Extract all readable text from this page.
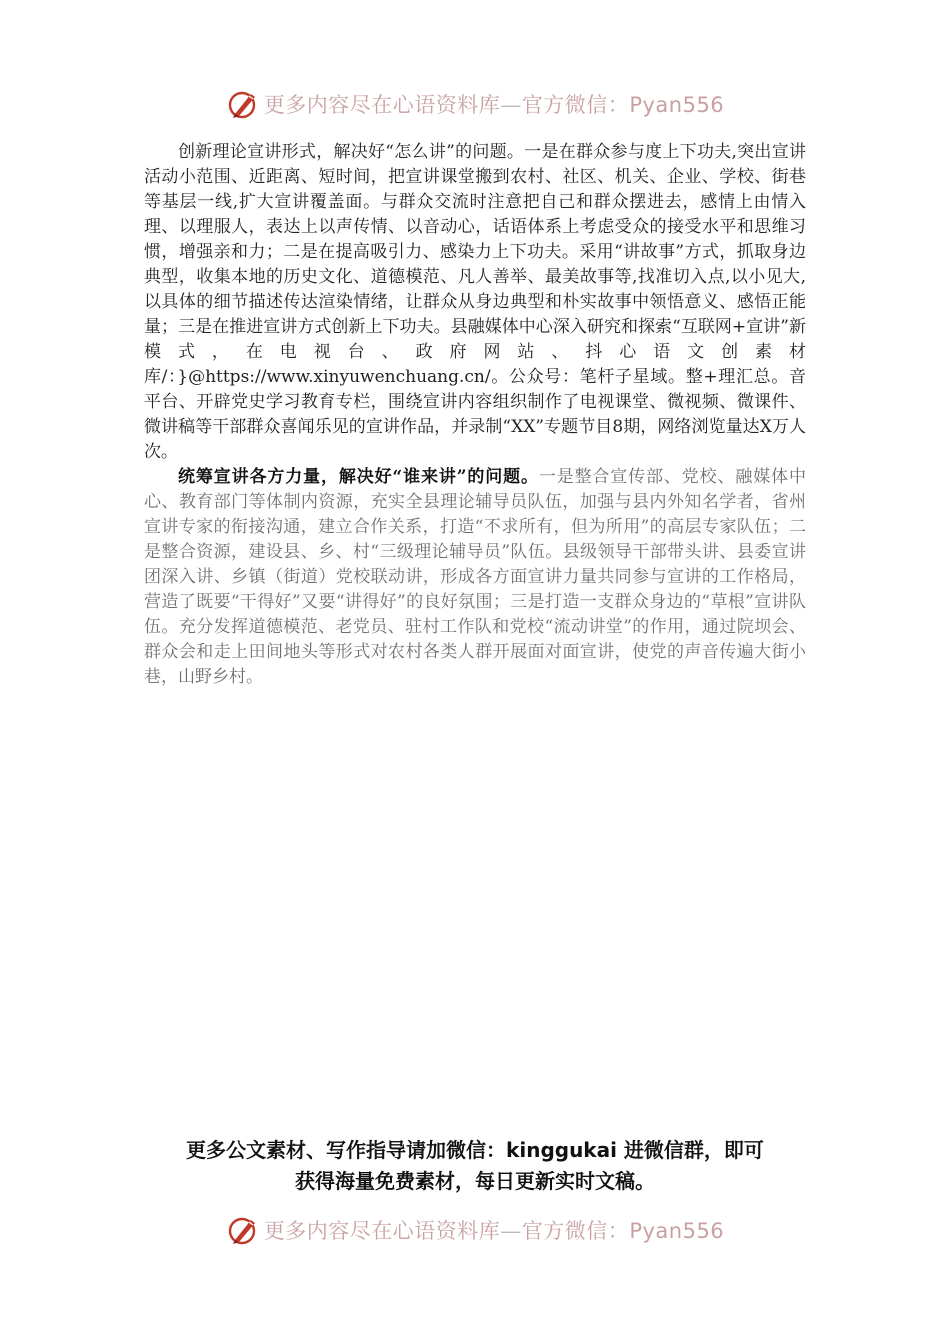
更多内容尽在心语资料库—官方微信：Pyan556

创新理论宣讲形式，解决好“怎么讲”的问题。一是在群众参与度上下功夫,突出宣讲活动小范围、近距离、短时间，把宣讲课堂搬到农村、社区、机关、企业、学校、街巷等基层一线,扩大宣讲覆盖面。与群众交流时注意把自己和群众摆进去，感情上由情入理、以理服人，表达上以声传情、以音动心，话语体系上考虑受众的接受水平和思维习惯，增强亲和力；二是在提高吸引力、感染力上下功夫。采用“讲故事”方式，抓取身边典型，收集本地的历史文化、道德模范、凡人善举、最美故事等,找准切入点,以小见大,以具体的细节描述传达渲染情绪，让群众从身边典型和朴实故事中领悟意义、感悟正能量；三是在推进宣讲方式创新上下功夫。县融媒体中心深入研究和探索“互联网+宣讲”新模式，在电视台、政府网站、抖心语文创素材库/：}@https://www.xinyuwenchuang.cn/。公众号：笔杆子星域。整+理汇总。音平台、开辟党史学习教育专栏，围绕宣讲内容组织制作了电视课堂、微视频、微课件、微讲稿等干部群众喜闻乐见的宣讲作品，并录制“XX”专题节目8期，网络浏览量达X万人次。

统筹宣讲各方力量，解决好“谁来讲”的问题。一是整合宣传部、党校、融媒体中心、教育部门等体制内资源，充实全县理论辅导员队伍，加强与县内外知名学者，省州宣讲专家的衔接沟通，建立合作关系，打造“不求所有，但为所用”的高层专家队伍；二是整合资源，建设县、乡、村“三级理论辅导员”队伍。县级领导干部带头讲、县委宣讲团深入讲、乡镇（街道）党校联动讲，形成各方面宣讲力量共同参与宣讲的工作格局，营造了既要“干得好”又要“讲得好”的良好氛围；三是打造一支群众身边的“草根”宣讲队伍。充分发挥道德模范、老党员、驻村工作队和党校“流动讲堂”的作用，通过院坝会、群众会和走上田间地头等形式对农村各类人群开展面对面宣讲，使党的声音传遍大街小巷，山野乡村。

更多公文素材、写作指导请加微信：kinggukai 进微信群，即可
获得海量免费素材，每日更新实时文稿。
更多内容尽在心语资料库—官方微信：Pyan556
